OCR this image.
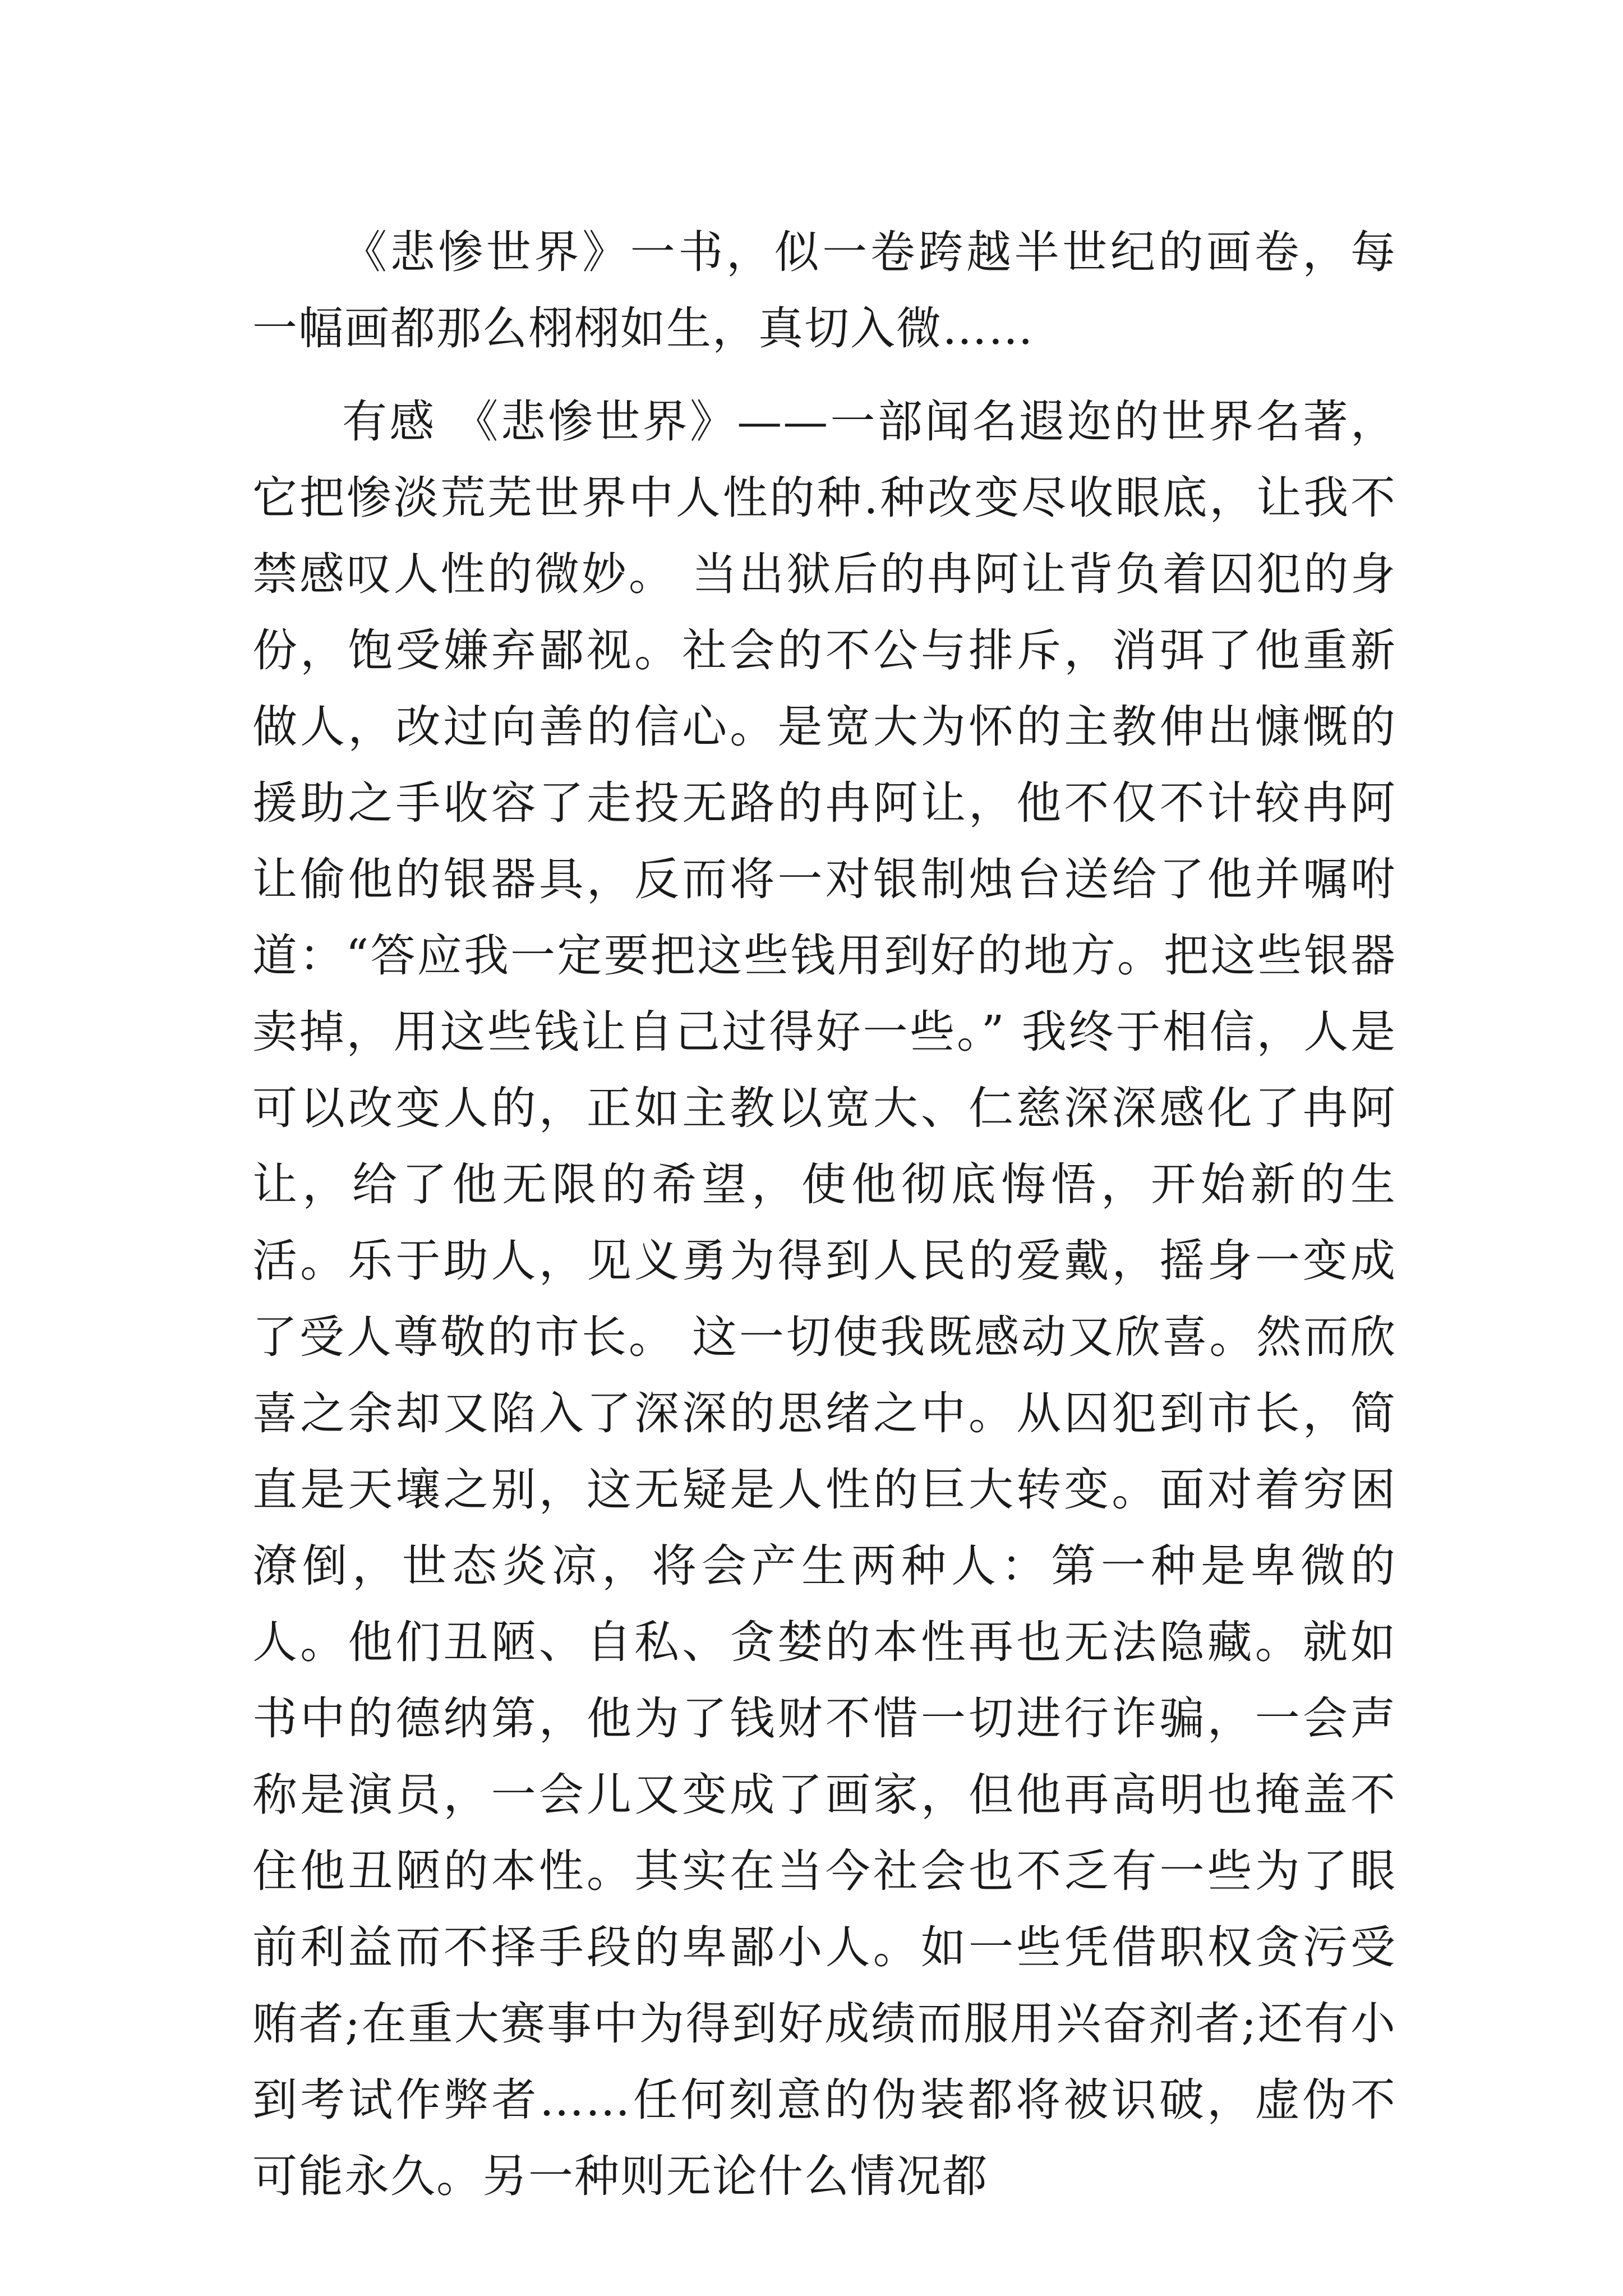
《悲惨世界》一书，似一卷跨越半世纪的画卷，每一幅画都那么栩栩如生，真切入微……

有感 《悲惨世界》——一部闻名遐迩的世界名著，它把惨淡荒芜世界中人性的种.种改变尽收眼底，让我不禁感叹人性的微妙。 当出狱后的冉阿让背负着囚犯的身份，饱受嫌弃鄙视。社会的不公与排斥，消弭了他重新做人，改过向善的信心。是宽大为怀的主教伸出慷慨的援助之手收容了走投无路的冉阿让，他不仅不计较冉阿让偷他的银器具，反而将一对银制烛台送给了他并嘱咐道：“答应我一定要把这些钱用到好的地方。把这些银器卖掉，用这些钱让自己过得好一些。” 我终于相信，人是可以改变人的，正如主教以宽大、仁慈深深感化了冉阿让，给了他无限的希望，使他彻底悔悟，开始新的生活。乐于助人，见义勇为得到人民的爱戴，摇身一变成了受人尊敬的市长。 这一切使我既感动又欣喜。然而欣喜之余却又陷入了深深的思绪之中。从囚犯到市长，简直是天壤之别，这无疑是人性的巨大转变。面对着穷困潦倒，世态炎凉，将会产生两种人：第一种是卑微的人。他们丑陋、自私、贪婪的本性再也无法隐藏。就如书中的德纳第，他为了钱财不惜一切进行诈骗，一会声称是演员，一会儿又变成了画家，但他再高明也掩盖不住他丑陋的本性。其实在当今社会也不乏有一些为了眼前利益而不择手段的卑鄙小人。如一些凭借职权贪污受贿者;在重大赛事中为得到好成绩而服用兴奋剂者;还有小到考试作弊者……任何刻意的伪装都将被识破，虚伪不可能永久。另一种则无论什么情况都
